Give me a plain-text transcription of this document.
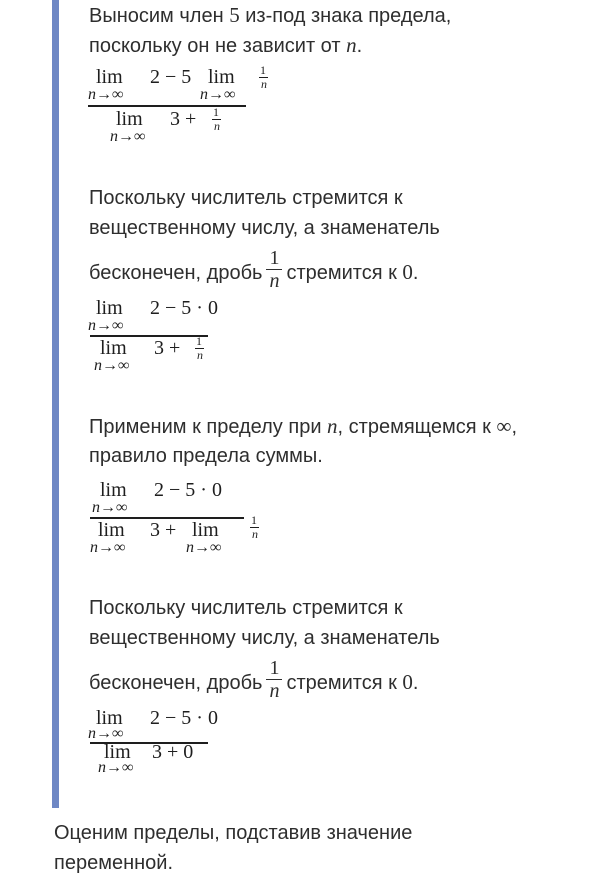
Выносим член 5 из-под знака предела,
поскольку он не зависит от n.
lim
n→∞
2 − 5 lim
n→∞
1
n
lim
n→∞
3 + 1
n
Поскольку числитель стремится к
вещественному числу, а знаменатель
бесконечен, дробь $\frac{1}{n}$ стремится к 0.
lim
n→∞
2 − 5 · 0
lim
n→∞
3 + 1
n
Применим к пределу при n, стремящемся к ∞,
правило предела суммы.
lim
n→∞
2 − 5 · 0
lim
n→∞
3 + lim
n→∞
1
n
Поскольку числитель стремится к
вещественному числу, а знаменатель
бесконечен, дробь $\frac{1}{n}$ стремится к 0.
lim
n→∞
2 − 5 · 0
lim
n→∞
3 + 0
Оценим пределы, подставив значение
переменной.
